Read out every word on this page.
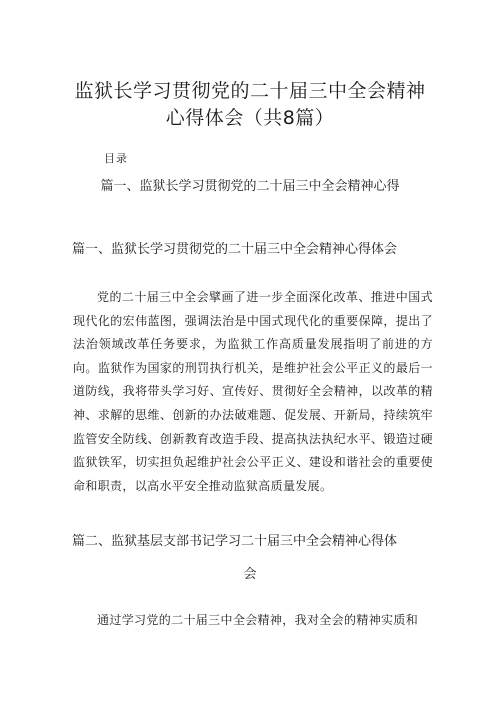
监狱长学习贯彻党的二十届三中全会精神
心得体会（共8篇）
目录
篇一、监狱长学习贯彻党的二十届三中全会精神心得
篇一、监狱长学习贯彻党的二十届三中全会精神心得体会
党的二十届三中全会擘画了进一步全面深化改革、推进中国式现代化的宏伟蓝图，强调法治是中国式现代化的重要保障，提出了法治领域改革任务要求，为监狱工作高质量发展指明了前进的方向。监狱作为国家的刑罚执行机关，是维护社会公平正义的最后一道防线，我将带头学习好、宣传好、贯彻好全会精神，以改革的精神、求解的思维、创新的办法破难题、促发展、开新局，持续筑牢监管安全防线、创新教育改造手段、提高执法执纪水平、锻造过硬监狱铁军，切实担负起维护社会公平正义、建设和谐社会的重要使命和职责，以高水平安全推动监狱高质量发展。
篇二、监狱基层支部书记学习二十届三中全会精神心得体
会
通过学习党的二十届三中全会精神，我对全会的精神实质和
